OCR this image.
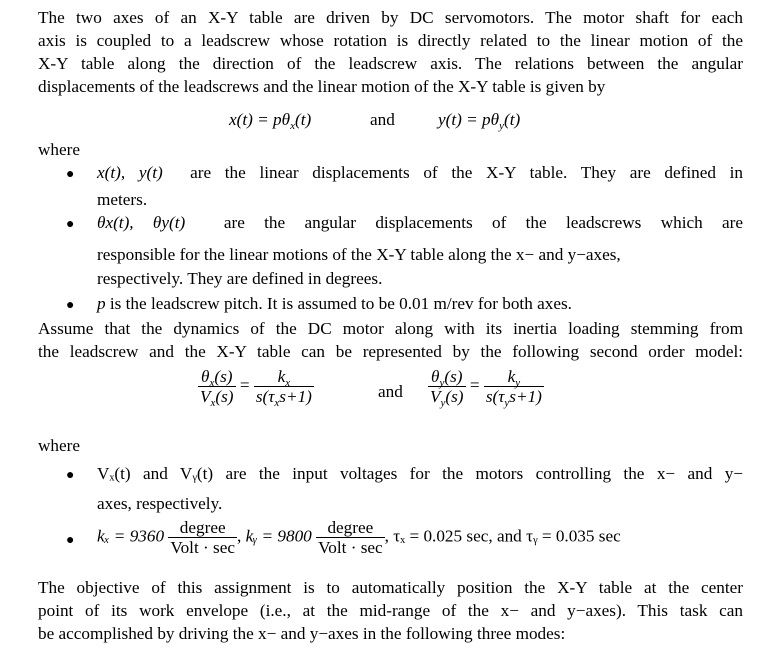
The two axes of an X-Y table are driven by DC servomotors. The motor shaft for each
axis is coupled to a leadscrew whose rotation is directly related to the linear motion of the
X-Y table along the direction of the leadscrew axis. The relations between the angular
displacements of the leadscrews and the linear motion of the X-Y table is given by
$x(t) = p\theta_x(t)$	and	$y(t) = p\theta_y(t)$
where
● x(t), y(t) are the linear displacements of the X-Y table. They are defined in
meters.
● θx(t), θy(t) are the angular displacements of the leadscrews which are
responsible for the linear motions of the X-Y table along the x− and y−axes,
respectively. They are defined in degrees.
● p is the leadscrew pitch. It is assumed to be 0.01 m/rev for both axes.
Assume that the dynamics of the DC motor along with its inertia loading stemming from
the leadscrew and the X-Y table can be represented by the following second order model:
$\frac{\theta_x(s)}{V_x(s)} = \frac{k_x}{s(\tau_xs+1)}$	and $\frac{\theta_y(s)}{V_y(s)} = \frac{k_y}{s(\tau_ys+1)}$
where
● Vₓ(t) and Vᵧ(t) are the input voltages for the motors controlling the x− and y−
axes, respectively.
● $k_x = 9360 \frac{\text{degree}}{\text{Volt · sec}}$ , kᵧ = $9800 \frac{\text{degree}}{\text{Volt · sec}}$ , τₓ = 0.025 sec, and τᵧ = 0.035 sec
The objective of this assignment is to automatically position the X-Y table at the center
point of its work envelope (i.e., at the mid-range of the x− and y−axes). This task can
be accomplished by driving the x− and y−axes in the following three modes:
